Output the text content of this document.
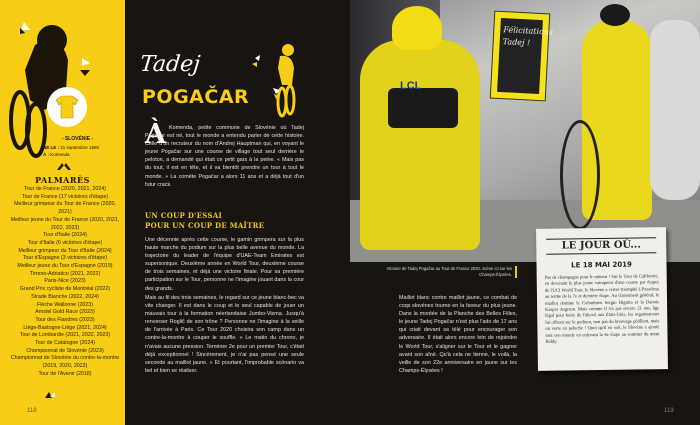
- SLOVÉNIE -
NÉ LE : 21 septembre 1998
À : Komenda
PALMARÈS
Tour de France (2020, 2021, 2024)
Tour de France (17 victoires d'étape)
Meilleur grimpeur du Tour de France (2020, 2021)
Meilleur jeune du Tour de France (2020, 2021, 2022, 2023)
Tour d'Italie (2024)
Tour d'Italie (6 victoires d'étape)
Meilleur grimpeur du Tour d'Italie (2024)
Tour d'Espagne (3 victoires d'étape)
Meilleur jeune du Tour d'Espagne (2019)
Tirreno-Adriatico (2021, 2022)
Paris-Nice (2023)
Grand Prix cycliste de Montréal (2022)
Strade Bianche (2022, 2024)
Flèche Wallonne (2023)
Amstel Gold Race (2023)
Tour des Flandres (2023)
Liège-Bastogne-Liège (2021, 2024)
Tour de Lombardie (2021, 2022, 2023)
Tour de Catalogne (2024)
Championnat de Slovénie (2023)
Championnat de Slovénie du contre-la-montre (2019, 2020, 2023)
Tour de l'Avenir (2018)
118
Tadej
POGAČAR
À Komenda, petite commune de Slovénie où Tadej Pogačar est né, tout le monde a entendu parler de cette histoire. Celle d'un recruteur du nom d'Andrej Hauptman qui, en voyant le jeune Pogačar sur une course de village tout seul derrière le peloton, a demandé qui était ce petit gars à la peine. « Mais pas du tout, il est en tête, et il va bientôt prendre un tour à tout le monde. » La comète Pogačar a alors 11 ans et a déjà tout d'un futur crack.
UN COUP D'ESSAI
POUR UN COUP DE MAÎTRE
Une décennie après cette course, le gamin grimpera sur la plus haute marche du podium sur la plus belle avenue du monde. La trajectoire du leader de l'équipe d'UAE-Team Emirates est supersonique. Deuxième année en World Tour, deuxième course de trois semaines, et déjà une victoire finale. Pour sa première participation sur le Tour, personne ne l'imagine jouant dans la cour des grands.
Mais au fil des trois semaines, le regard sur ce jeune blanc-bec va vite changer. Il est dans le coup et le seul capable de jouer un mauvais tour à la formation néerlandaise Jumbo-Visma. Jusqu'à renverser Roglič de son trône ? Personne ne l'imagine à la veille de l'arrivée à Paris. Ce Tour 2020 choisira son camp dans un contre-la-montre à couper le souffle. « Le matin du chrono, je n'avais aucune pression. Terminer 2e pour un premier Tour, c'était déjà exceptionnel ! Sincèrement, je n'ai pas pensé une seule seconde au maillot jaune. » Et pourtant, l'improbable scénario va bel et bien se réaliser.
LCL
Félicitations Tadej !
Victoire de Tadej Pogačar au Tour de France 2020, scène ici sur les Champs-Élysées.
Maillot blanc contre maillot jaune, ce combat de coqs slovènes tourne en la faveur du plus jeune. Dans la montée de la Planche des Belles Filles, le jeune Tadej Pogačar n'est plus l'ado de 17 ans qui criait devant sa télé pour encourager son adversaire. Il était alors encore loin de rejoindre le World Tour, s'aligner sur le Tour et le gagner avant son aîné. Qu'à cela ne tienne, le voilà, la veille de son 22e anniversaire en jaune sur les Champs-Élysées !
LE JOUR OÙ...
LE 18 MAI 2019
Pas de champagne pour le mineur ! Sur le Tour de Californie, en devenant le plus jeune vainqueur d'une course par étapes de l'UCI World Tour, le Slovène a certes triomphé à Pasadena au terme de la 7e et dernière étape. Au classement général, le maillot domine le Colombien Sergio Higuita et le Danois Kasper Asgreen. Mais comme il n'a pas encore 21 ans, âge légal pour boire de l'alcool aux États-Unis, les organisateurs lui offrent sur le podium, non pas du breuvage pétillant, mais un verre en peluche ! Quoi qu'il en soit, le Slovène a ajouté tout son monde en enlevant la 6e étape au sommet du mont Baldy.
119
